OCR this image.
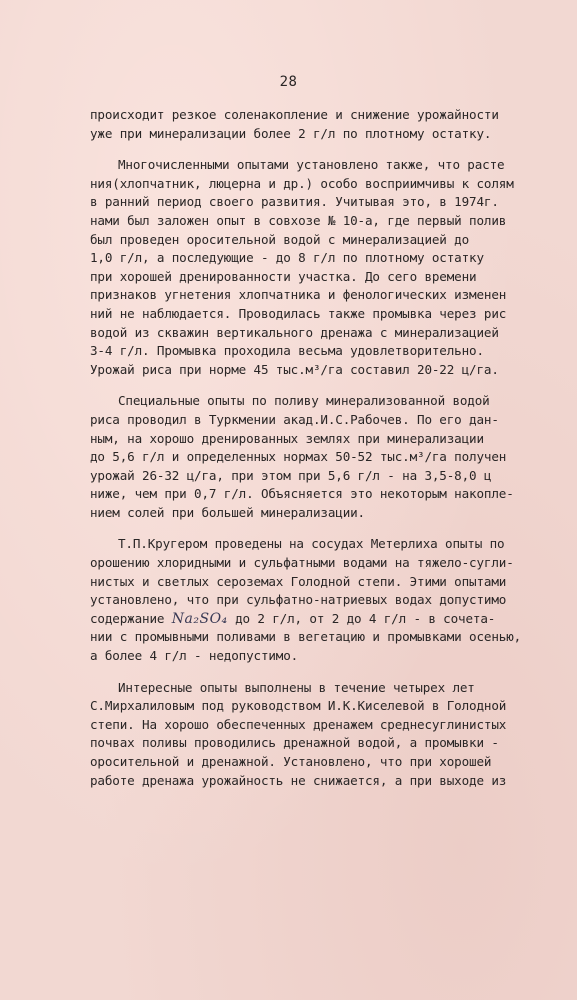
28
происходит резкое соленакопление и снижение урожайности
уже при минерализации более 2 г/л по плотному остатку.
Многочисленными опытами установлено также, что расте
ния(хлопчатник, люцерна и др.) особо восприимчивы к солям
в ранний период своего развития. Учитывая это, в 1974г.
нами был заложен опыт в совхозе № 10-а, где первый полив
был проведен оросительной водой с минерализацией до
1,0 г/л, а последующие - до 8 г/л по плотному остатку
при хорошей дренированности участка. До сего времени
признаков угнетения хлопчатника и фенологических изменен
ний не наблюдается. Проводилась также промывка через рис
водой из скважин вертикального дренажа с минерализацией
3-4 г/л. Промывка проходила весьма удовлетворительно.
Урожай риса при норме 45 тыс.м³/га составил 20-22 ц/га.
Специальные опыты по поливу минерализованной водой
риса проводил в Туркмении акад.И.С.Рабочев. По его дан-
ным, на хорошо дренированных землях при минерализации
до 5,6 г/л и определенных нормах 50-52 тыс.м³/га получен
урожай 26-32 ц/га, при этом при 5,6 г/л - на 3,5-8,0 ц
ниже, чем при 0,7 г/л. Объясняется это некоторым накопле-
нием солей при большей минерализации.
Т.П.Кругером проведены на сосудах Метерлиха опыты по
орошению хлоридными и сульфатными водами на тяжело-сугли-
нистых и светлых сероземах Голодной степи. Этими опытами
установлено, что при сульфатно-натриевых водах допустимо
содержание Na₂SO₄ до 2 г/л, от 2 до 4 г/л - в сочета-
нии с промывными поливами в вегетацию и промывками осенью,
а более 4 г/л - недопустимо.
Интересные опыты выполнены в течение четырех лет
С.Мирхалиловым под руководством И.К.Киселевой в Голодной
степи. На хорошо обеспеченных дренажем среднесуглинистых
почвах поливы проводились дренажной водой, а промывки -
оросительной и дренажной. Установлено, что при хорошей
работе дренажа урожайность не снижается, а при выходе из
